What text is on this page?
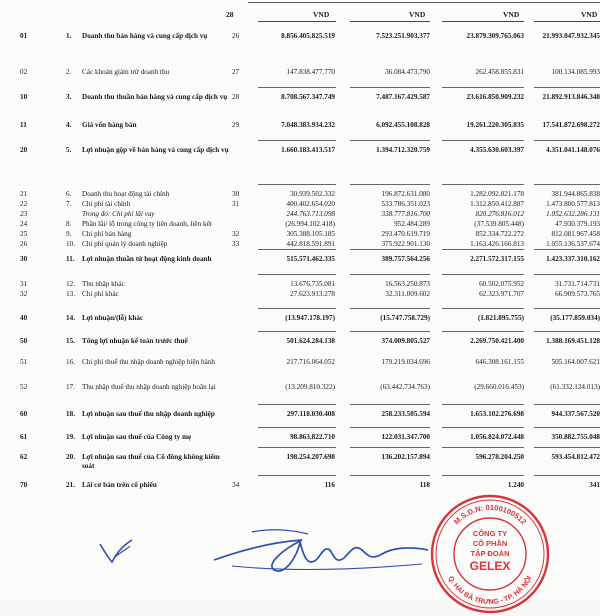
28	VND	VND	VND	VND
01	1.	Doanh thu bán hàng và cung cấp dịch vụ	26	8.856.405.825.519	7.523.251.903.377	23.879.309.765.063	21.993.047.932.345
02	2.	Các khoản giảm trừ doanh thu	27	147.838.477.770	36.084.473.790	262.458.855.831	100.134.085.993
10	3.	Doanh thu thuần bán hàng và cung cấp dịch vụ 28	8.708.567.347.749	7.487.167.429.587	23.616.850.909.232	21.892.913.846.348
11	4.	Giá vốn hàng bán	29	7.048.383.934.232	6.092.455.108.828	19.261.220.305.835	17.541.872.698.272
20	5.	Lợi nhuận gộp về bán hàng và cung cấp dịch vụ	1.660.183.413.517	1.394.712.320.759	4.355.630.603.397	4.351.041.148.076
21	6.	Doanh thu hoạt động tài chính	30	30.939.502.332	196.872.631.080	1.282.092.821.178	381.944.865.838
22	7.	Chi phí tài chính	31	400.402.654.020	533.786.351.023	1.312.850.412.887	1.473.800.577.813
23	Trong đó: Chi phí lãi vay	244.763.713.098	338.777.816.700	820.276.816.012	1.052.632.286.131
24	8.	Phần lãi/ lỗ trong công ty liên doanh, liên kết	(26.994.102.418)	952.484.289	(37.539.805.448)	47.930.379.193
25	9.	Chi phí bán hàng	32	305.388.105.185	293.470.619.719	852.334.722.272	812.081.967.458
26	10. Chi phí quản lý doanh nghiệp	33	442.818.591.891	375.922.901.130	1.163.426.166.813	1.055.136.537.674
30	11.	Lợi nhuận thuần từ hoạt động kinh doanh	515.571.462.335	389.757.564.256	2.271.572.317.155	1.423.337.310.162
31	12. Thu nhập khác	13.676.735.081	16.563.250.873	60.502.075.952	31.731.714.731
32	13. Chi phí khác	27.623.913.278	32.311.009.602	62.323.971.707	66.909.573.765
40	14. Lợi nhuận/(lỗ) khác	(13.947.178.197)	(15.747.758.729)	(1.821.895.755)	(35.177.859.034)
50	15. Tổng lợi nhuận kế toán trước thuế	501.624.284.138	374.009.805.527	2.269.750.421.400	1.388.169.451.128
51	16. Chi phí thuế thu nhập doanh nghiệp hiện hành	217.716.064.052	179.219.034.696	646.308.161.155	505.164.007.621
52	17. Thu nhập thuế thu nhập doanh nghiệp hoãn lại	(13.209.810.322)	(63.442.734.763)	(29.660.016.453)	(61.332.124.013)
60	18. Lợi nhuận sau thuế thu nhập doanh nghiệp	297.118.030.408	258.233.505.594	1.653.102.276.698	944.337.567.520
61	19. Lợi nhuận sau thuế của Công ty mẹ	98.863.822.710	122.031.347.700	1.056.824.072.448	350.882.755.048
62	20. Lợi nhuận sau thuế của Cổ đông không kiểm soát
198.254.207.698	136.202.157.894	596.278.204.250	593.454.812.472
70	21. Lãi cơ bản trên cổ phiếu	34	116	118	1.240	341
M.S.D.N: 0100100512
Q. HAI BÀ TRƯNG - TP. HÀ NỘI
CÔNG TY
CỔ PHẦN
TẬP ĐOÀN
GELEX
